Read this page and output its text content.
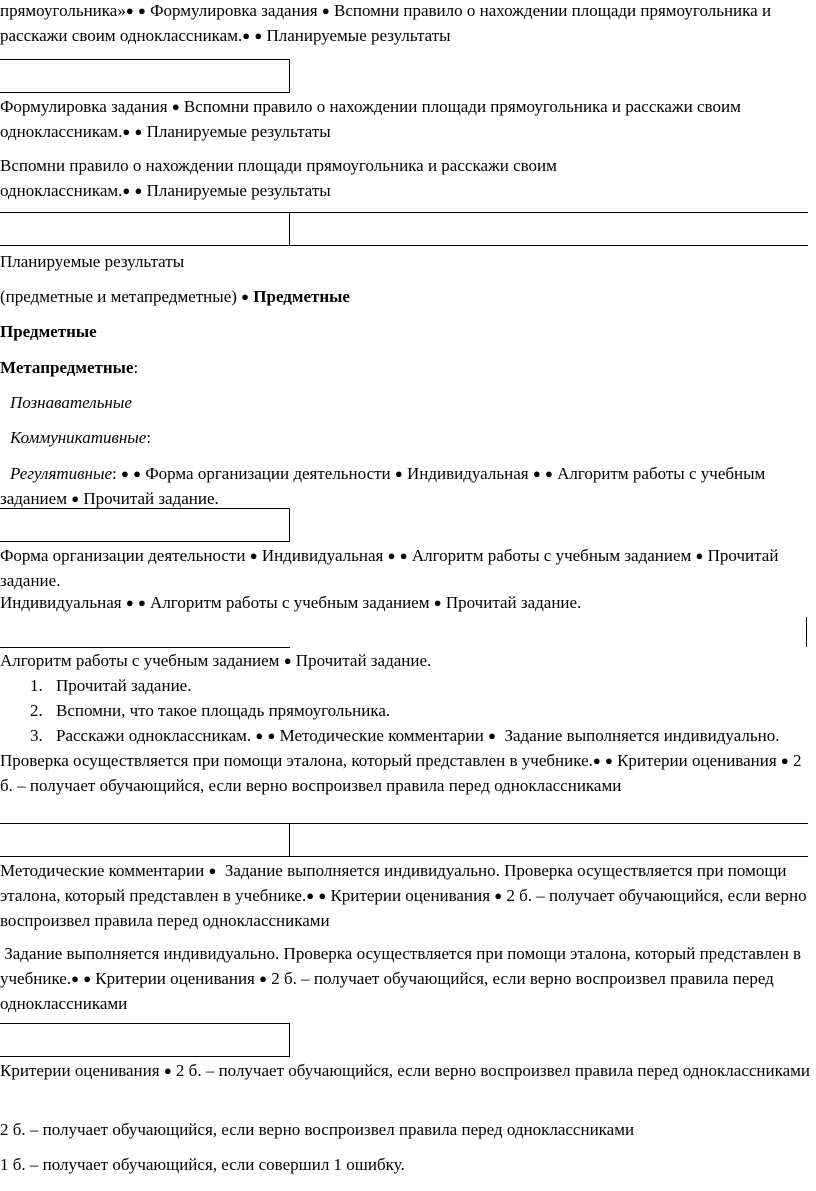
прямоугольника»● ● Формулировка задания ● Вспомни правило о нахождении площади прямоугольника и расскажи своим одноклассникам.● ● Планируемые результаты

Формулировка задания ● Вспомни правило о нахождении площади прямоугольника и расскажи своим одноклассникам.● ● Планируемые результаты

Вспомни правило о нахождении площади прямоугольника и расскажи своим одноклассникам.● ● Планируемые результаты

Планируемые результаты

(предметные и метапредметные) ● Предметные

Предметные

Метапредметные:

Познавательные

Коммуникативные:

Регулятивные: ● ● Форма организации деятельности ● Индивидуальная ● ● Алгоритм работы с учебным заданием ● Прочитай задание.

Форма организации деятельности ● Индивидуальная ● ● Алгоритм работы с учебным заданием ● Прочитай задание.

Индивидуальная ● ● Алгоритм работы с учебным заданием ● Прочитай задание.

Алгоритм работы с учебным заданием ● Прочитай задание.
1. Прочитай задание.
2. Вспомни, что такое площадь прямоугольника.
3. Расскажи одноклассникам. ● ● Методические комментарии ● Задание выполняется индивидуально. Проверка осуществляется при помощи эталона, который представлен в учебнике.● ● Критерии оценивания ● 2 б. – получает обучающийся, если верно воспроизвел правила перед одноклассниками

Методические комментарии ● Задание выполняется индивидуально. Проверка осуществляется при помощи эталона, который представлен в учебнике.● ● Критерии оценивания ● 2 б. – получает обучающийся, если верно воспроизвел правила перед одноклассниками

Задание выполняется индивидуально. Проверка осуществляется при помощи эталона, который представлен в учебнике.● ● Критерии оценивания ● 2 б. – получает обучающийся, если верно воспроизвел правила перед одноклассниками

Критерии оценивания ● 2 б. – получает обучающийся, если верно воспроизвел правила перед одноклассниками

2 б. – получает обучающийся, если верно воспроизвел правила перед одноклассниками

1 б. – получает обучающийся, если совершил 1 ошибку.
